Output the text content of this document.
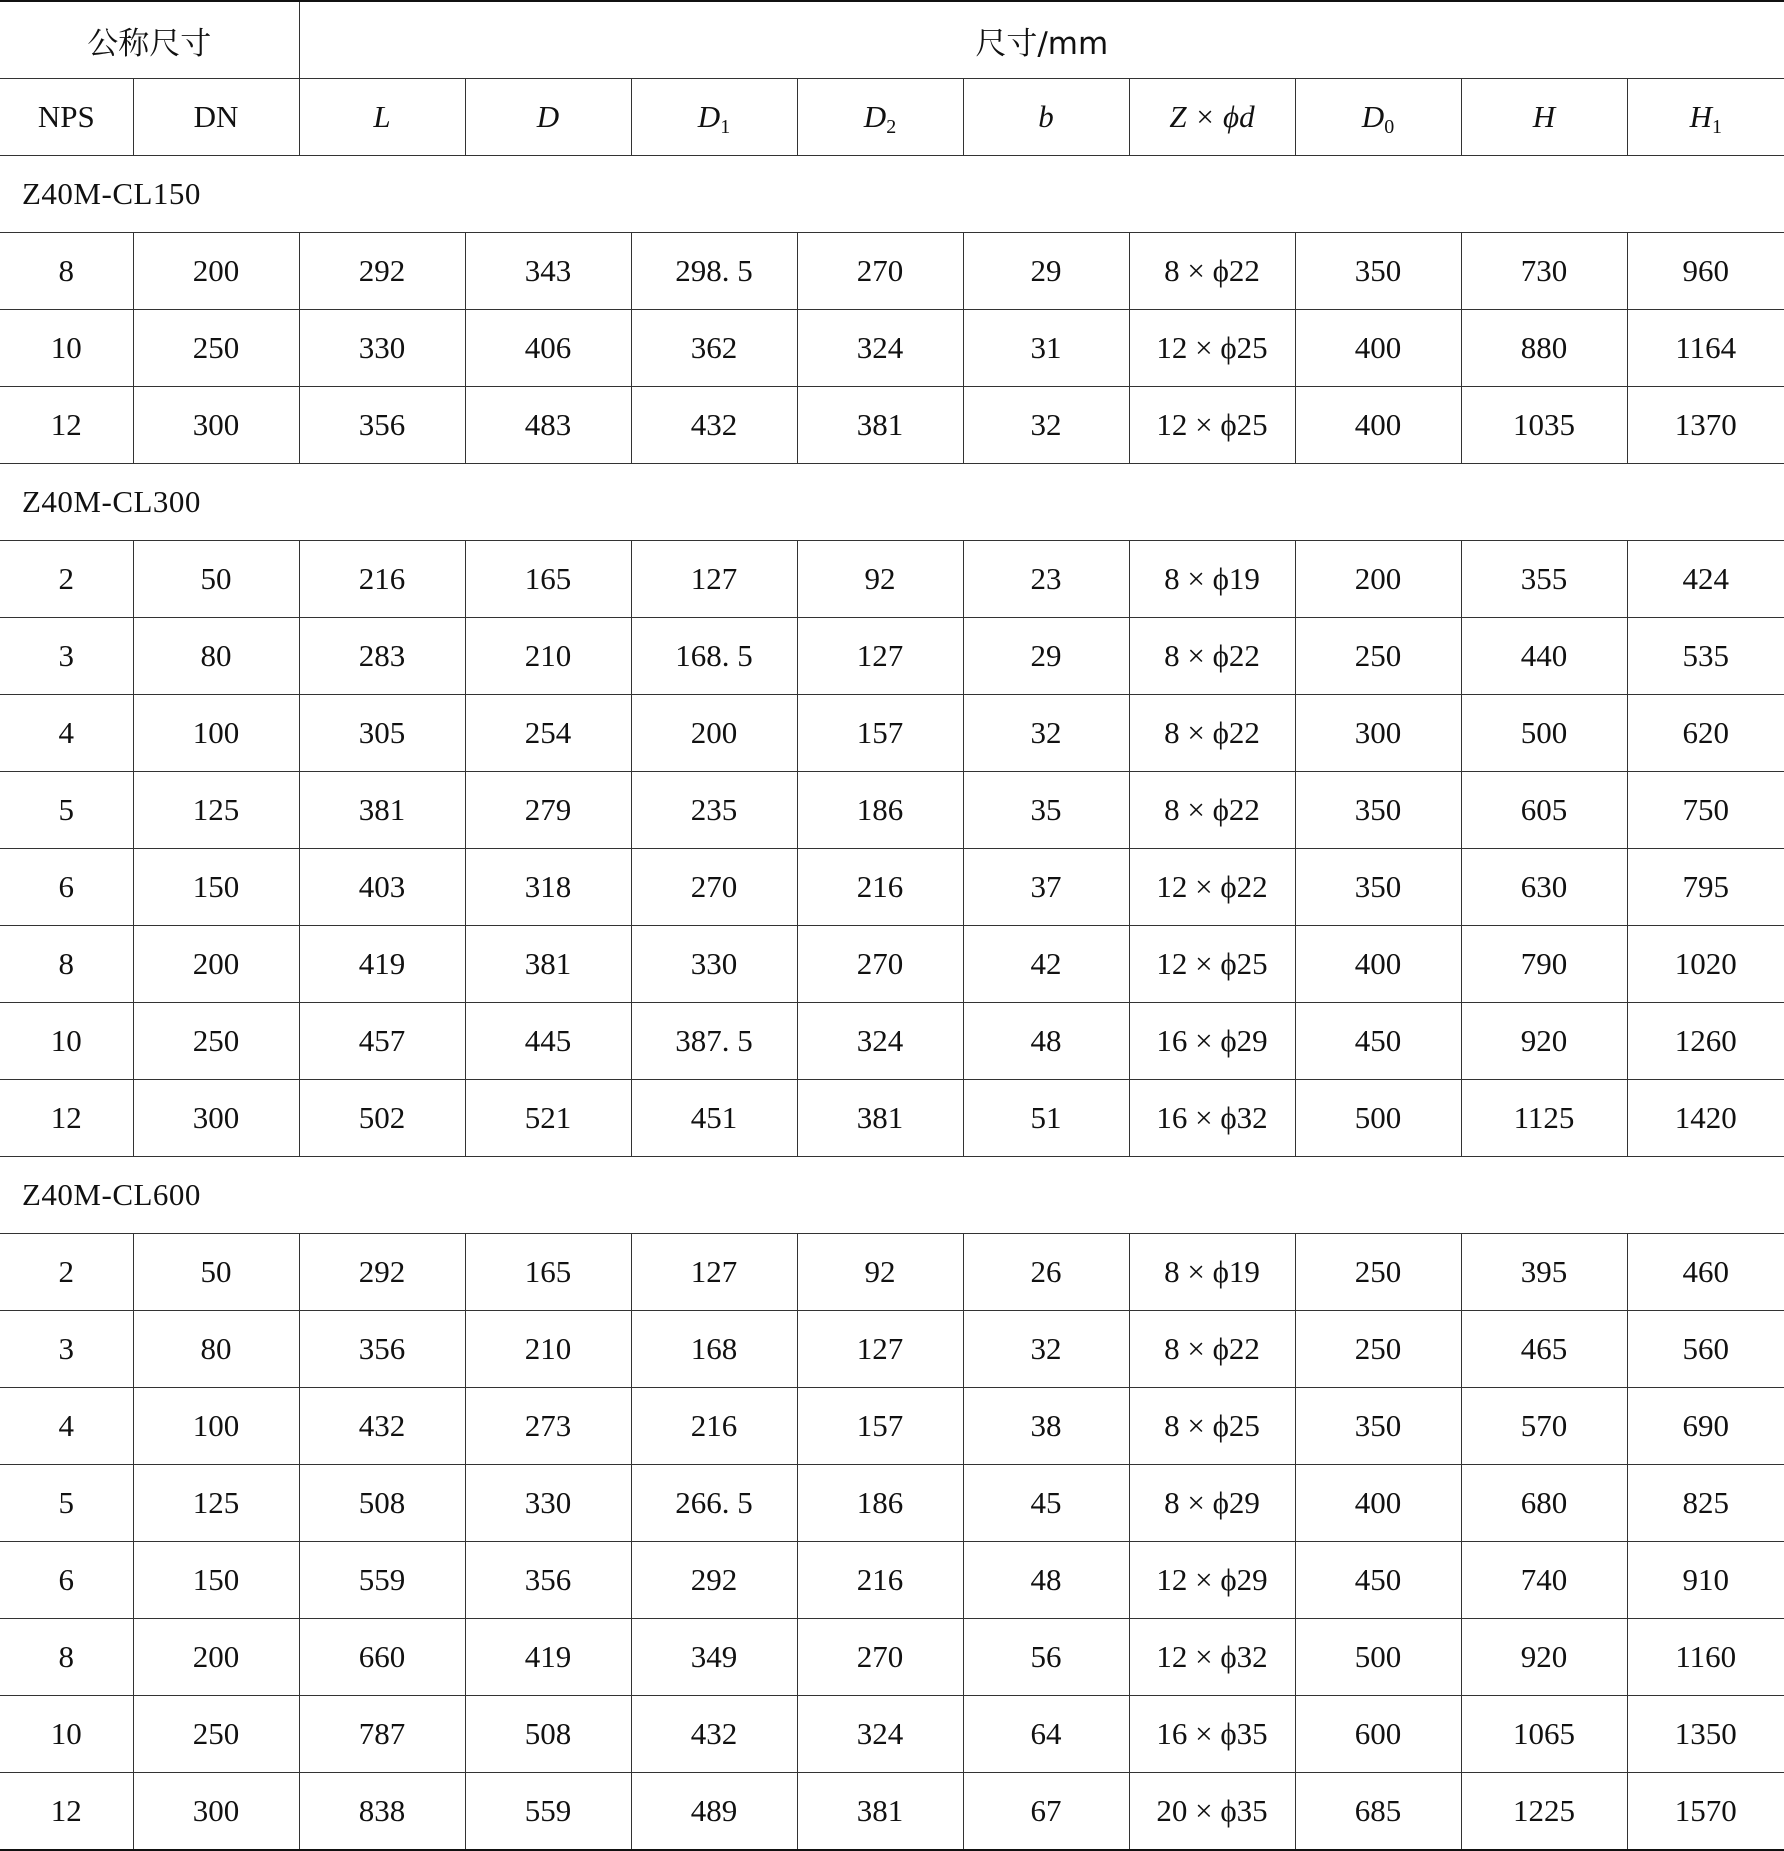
公称尺寸		尺寸/mm								
NPS	DN	L	D	$D_1$	$D_2$	b	Z × ϕd	$D_0$	H	$H_1$
Z40M-CL150										
8	200	292	343	298. 5	270	29	8 × ϕ22	350	730	960
10	250	330	406	362	324	31	12 × ϕ25	400	880	1164
12	300	356	483	432	381	32	12 × ϕ25	400	1035	1370
Z40M-CL300										
2	50	216	165	127	92	23	8 × ϕ19	200	355	424
3	80	283	210	168. 5	127	29	8 × ϕ22	250	440	535
4	100	305	254	200	157	32	8 × ϕ22	300	500	620
5	125	381	279	235	186	35	8 × ϕ22	350	605	750
6	150	403	318	270	216	37	12 × ϕ22	350	630	795
8	200	419	381	330	270	42	12 × ϕ25	400	790	1020
10	250	457	445	387. 5	324	48	16 × ϕ29	450	920	1260
12	300	502	521	451	381	51	16 × ϕ32	500	1125	1420
Z40M-CL600										
2	50	292	165	127	92	26	8 × ϕ19	250	395	460
3	80	356	210	168	127	32	8 × ϕ22	250	465	560
4	100	432	273	216	157	38	8 × ϕ25	350	570	690
5	125	508	330	266. 5	186	45	8 × ϕ29	400	680	825
6	150	559	356	292	216	48	12 × ϕ29	450	740	910
8	200	660	419	349	270	56	12 × ϕ32	500	920	1160
10	250	787	508	432	324	64	16 × ϕ35	600	1065	1350
12	300	838	559	489	381	67	20 × ϕ35	685	1225	1570
